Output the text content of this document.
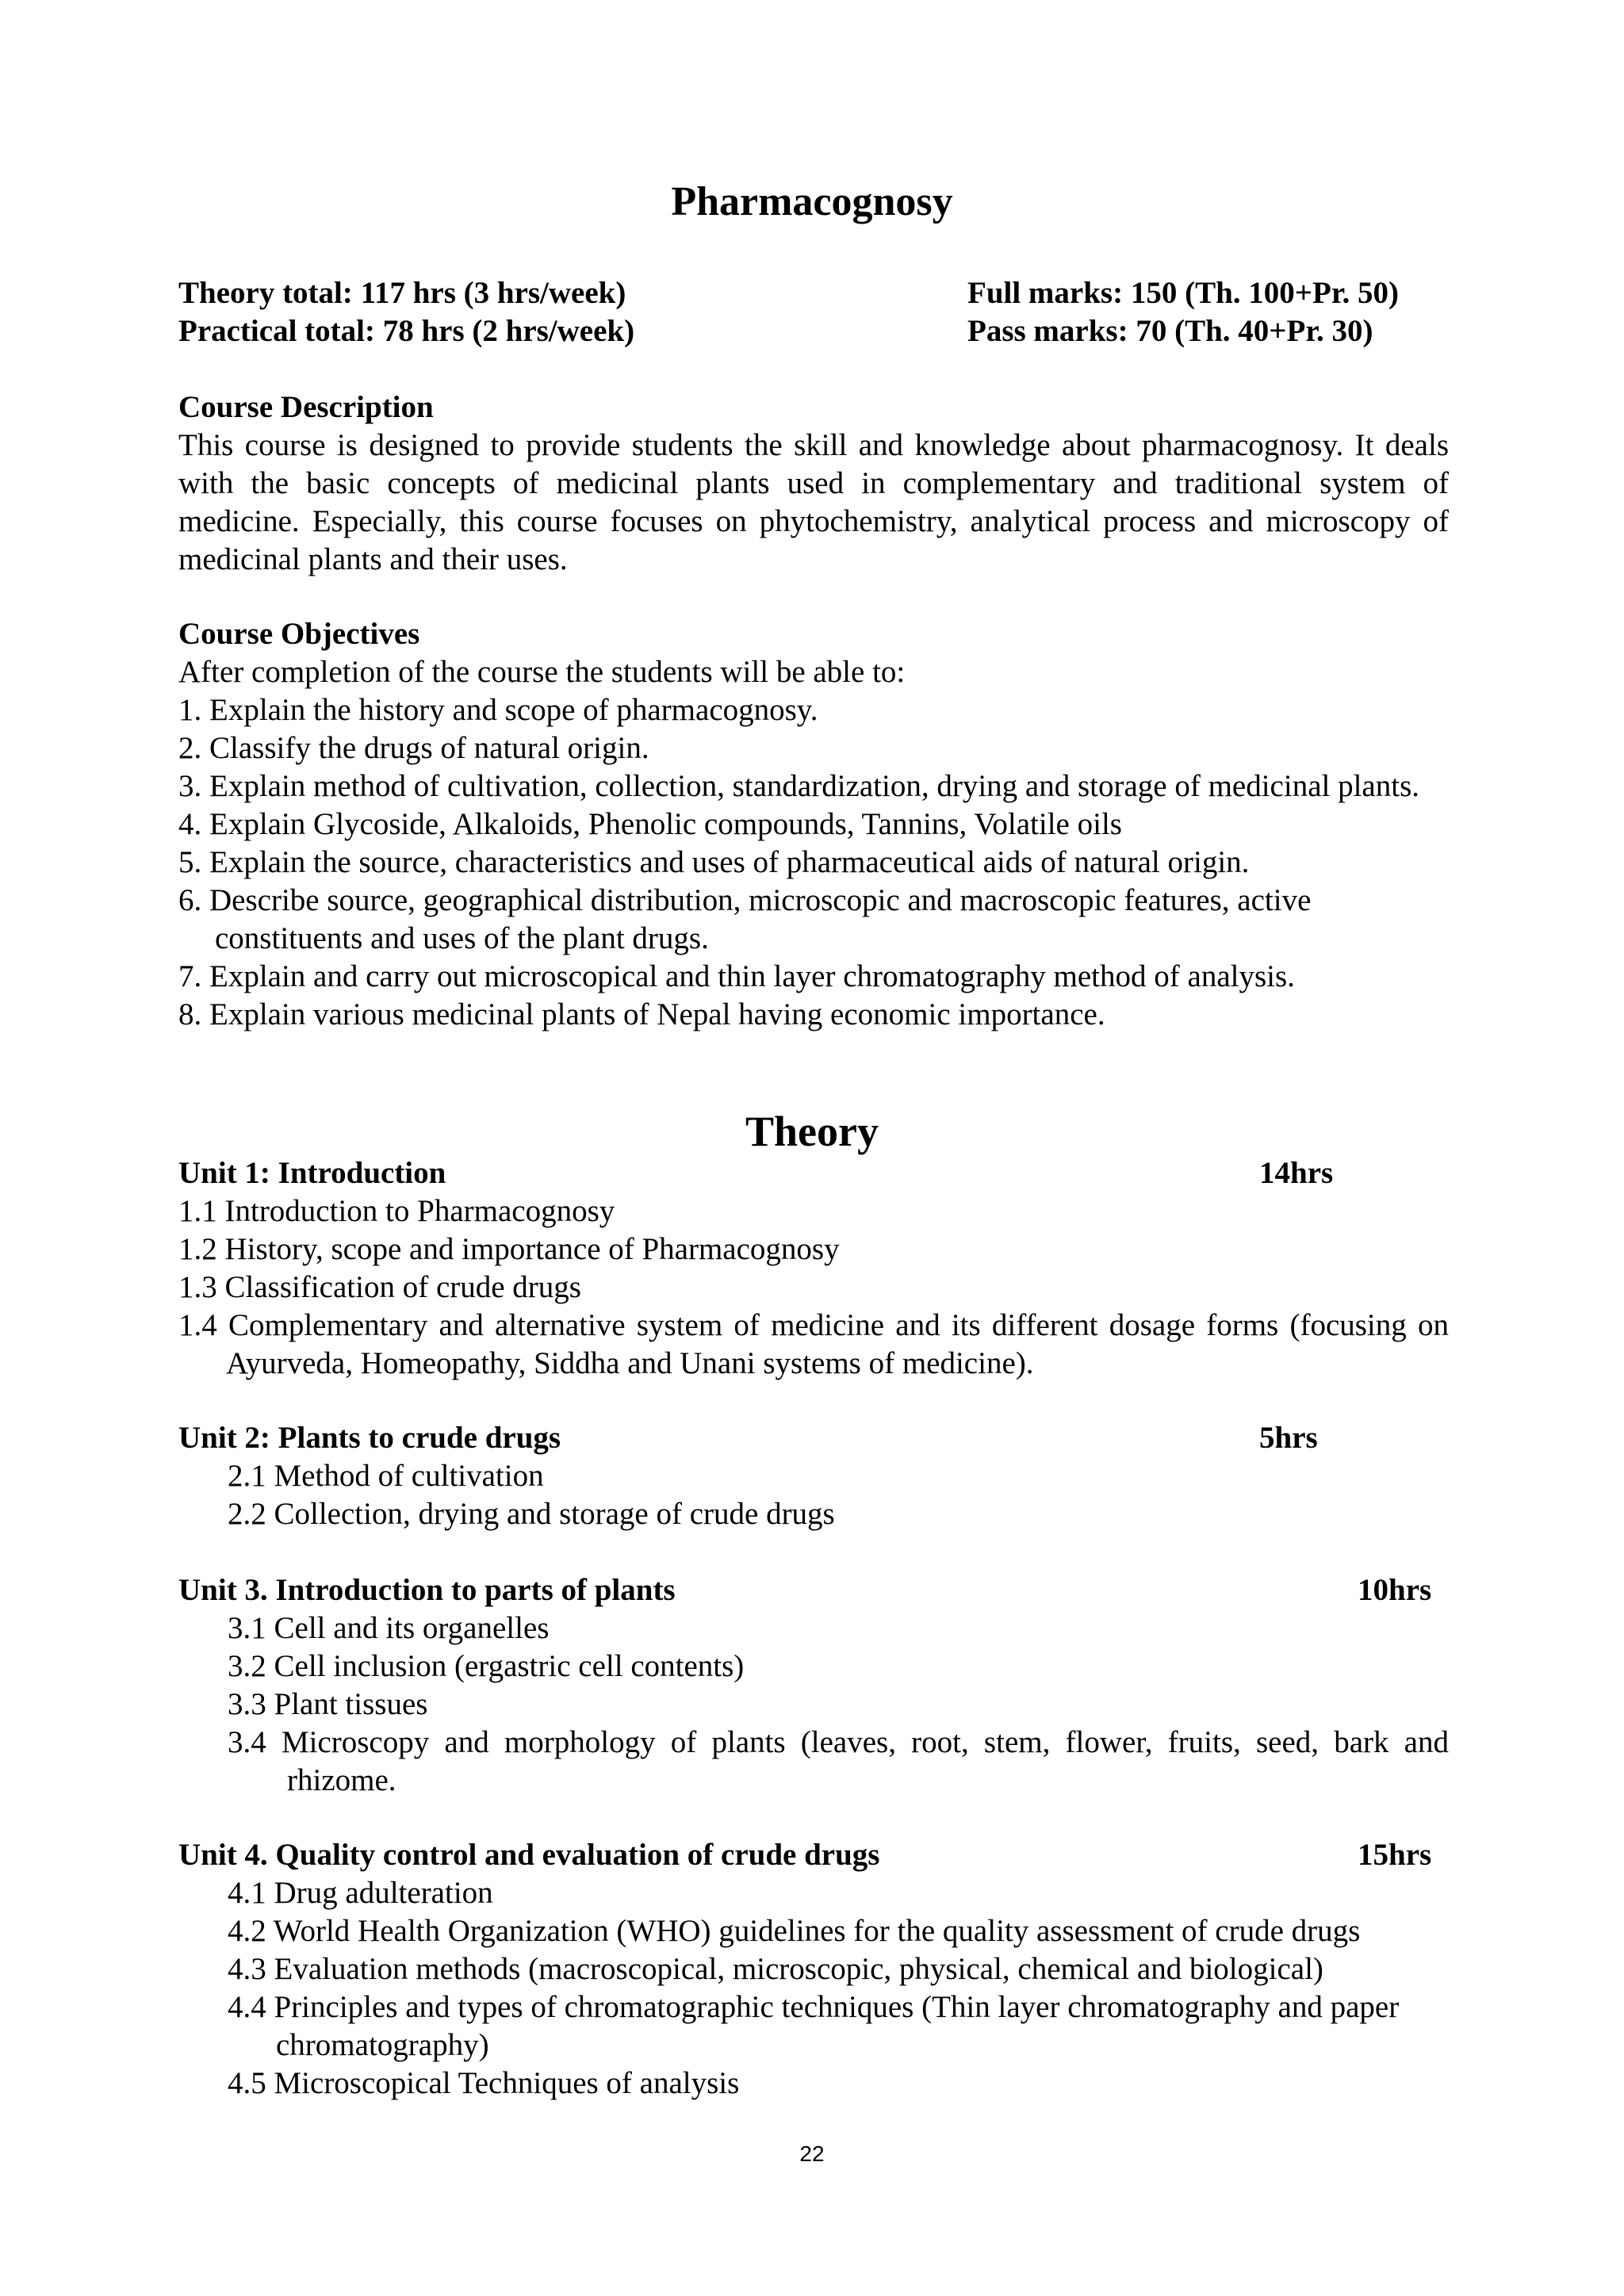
Pharmacognosy
Theory total: 117 hrs (3 hrs/week)	Full marks: 150 (Th. 100+Pr. 50)
Practical total: 78 hrs (2 hrs/week)	Pass marks: 70 (Th. 40+Pr. 30)
Course Description
This course is designed to provide students the skill and knowledge about pharmacognosy. It deals with the basic concepts of medicinal plants used in complementary and traditional system of medicine. Especially, this course focuses on phytochemistry, analytical process and microscopy of medicinal plants and their uses.
Course Objectives
After completion of the course the students will be able to:
1. Explain the history and scope of pharmacognosy.
2. Classify the drugs of natural origin.
3. Explain method of cultivation, collection, standardization, drying and storage of medicinal plants.
4. Explain Glycoside, Alkaloids, Phenolic compounds, Tannins, Volatile oils
5. Explain the source, characteristics and uses of pharmaceutical aids of natural origin.
6. Describe source, geographical distribution, microscopic and macroscopic features, active constituents and uses of the plant drugs.
7. Explain and carry out microscopical and thin layer chromatography method of analysis.
8. Explain various medicinal plants of Nepal having economic importance.
Theory
Unit 1: Introduction	14hrs
1.1 Introduction to Pharmacognosy
1.2 History, scope and importance of Pharmacognosy
1.3 Classification of crude drugs
1.4 Complementary and alternative system of medicine and its different dosage forms (focusing on Ayurveda, Homeopathy, Siddha and Unani systems of medicine).
Unit 2: Plants to crude drugs	5hrs
2.1 Method of cultivation
2.2 Collection, drying and storage of crude drugs
Unit 3. Introduction to parts of plants	10hrs
3.1 Cell and its organelles
3.2 Cell inclusion (ergastric cell contents)
3.3 Plant tissues
3.4 Microscopy and morphology of plants (leaves, root, stem, flower, fruits, seed, bark and rhizome.
Unit 4. Quality control and evaluation of crude drugs	15hrs
4.1 Drug adulteration
4.2 World Health Organization (WHO) guidelines for the quality assessment of crude drugs
4.3 Evaluation methods (macroscopical, microscopic, physical, chemical and biological)
4.4 Principles and types of chromatographic techniques (Thin layer chromatography and paper chromatography)
4.5 Microscopical Techniques of analysis
22
